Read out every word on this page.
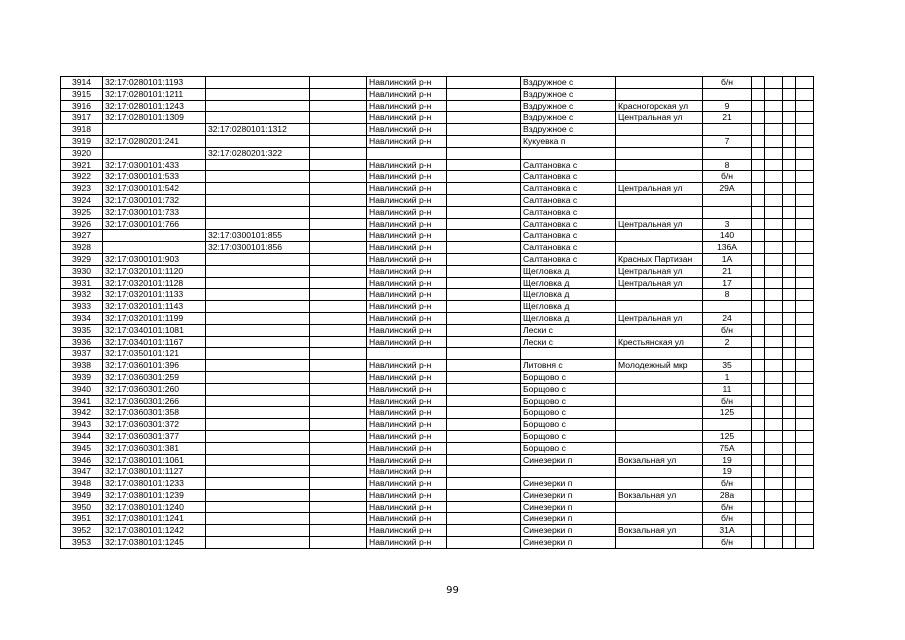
3914	32:17:0280101:1193			Навлинский р-н		Вздружное с		б/н				
3915	32:17:0280101:1211			Навлинский р-н		Вздружное с						
3916	32:17:0280101:1243			Навлинский р-н		Вздружное с	Красногорская ул	9				
3917	32:17:0280101:1309			Навлинский р-н		Вздружное с	Центральная ул	21				
3918		32:17:0280101:1312		Навлинский р-н		Вздружное с						
3919	32:17:0280201:241			Навлинский р-н		Кукуевка п		7				
3920		32:17:0280201:322										
3921	32:17:0300101:433			Навлинский р-н		Салтановка с		8				
3922	32:17:0300101:533			Навлинский р-н		Салтановка с		б/н				
3923	32:17:0300101:542			Навлинский р-н		Салтановка с	Центральная ул	29А				
3924	32:17:0300101:732			Навлинский р-н		Салтановка с						
3925	32:17:0300101:733			Навлинский р-н		Салтановка с						
3926	32:17:0300101:766			Навлинский р-н		Салтановка с	Центральная ул	3				
3927		32:17:0300101:855		Навлинский р-н		Салтановка с		140				
3928		32:17:0300101:856		Навлинский р-н		Салтановка с		136А				
3929	32:17:0300101:903			Навлинский р-н		Салтановка с	Красных Партизан	1А				
3930	32:17:0320101:1120			Навлинский р-н		Щегловка д	Центральная ул	21				
3931	32:17:0320101:1128			Навлинский р-н		Щегловка д	Центральная ул	17				
3932	32:17:0320101:1133			Навлинский р-н		Щегловка д		8				
3933	32:17:0320101:1143			Навлинский р-н		Щегловка д						
3934	32:17:0320101:1199			Навлинский р-н		Щегловка д	Центральная ул	24				
3935	32:17:0340101:1081			Навлинский р-н		Лески с		б/н				
3936	32:17:0340101:1167			Навлинский р-н		Лески с	Крестьянская ул	2				
3937	32:17:0350101:121											
3938	32:17:0360101:396			Навлинский р-н		Литовня с	Молодежный мкр	35				
3939	32:17:0360301:259			Навлинский р-н		Борщово с		1				
3940	32:17:0360301:260			Навлинский р-н		Борщово с		11				
3941	32:17:0360301:266			Навлинский р-н		Борщово с		б/н				
3942	32:17:0360301:358			Навлинский р-н		Борщово с		125				
3943	32:17:0360301:372			Навлинский р-н		Борщово с						
3944	32:17:0360301:377			Навлинский р-н		Борщово с		125				
3945	32:17:0360301:381			Навлинский р-н		Борщово с		75А				
3946	32:17:0380101:1061			Навлинский р-н		Синезерки п	Вокзальная ул	19				
3947	32:17:0380101:1127			Навлинский р-н				19				
3948	32:17:0380101:1233			Навлинский р-н		Синезерки п		б/н				
3949	32:17:0380101:1239			Навлинский р-н		Синезерки п	Вокзальная ул	28а				
3950	32:17:0380101:1240			Навлинский р-н		Синезерки п		б/н				
3951	32:17:0380101:1241			Навлинский р-н		Синезерки п		б/н				
3952	32:17:0380101:1242			Навлинский р-н		Синезерки п	Вокзальная ул	31А				
3953	32:17:0380101:1245			Навлинский р-н		Синезерки п		б/н				
99
